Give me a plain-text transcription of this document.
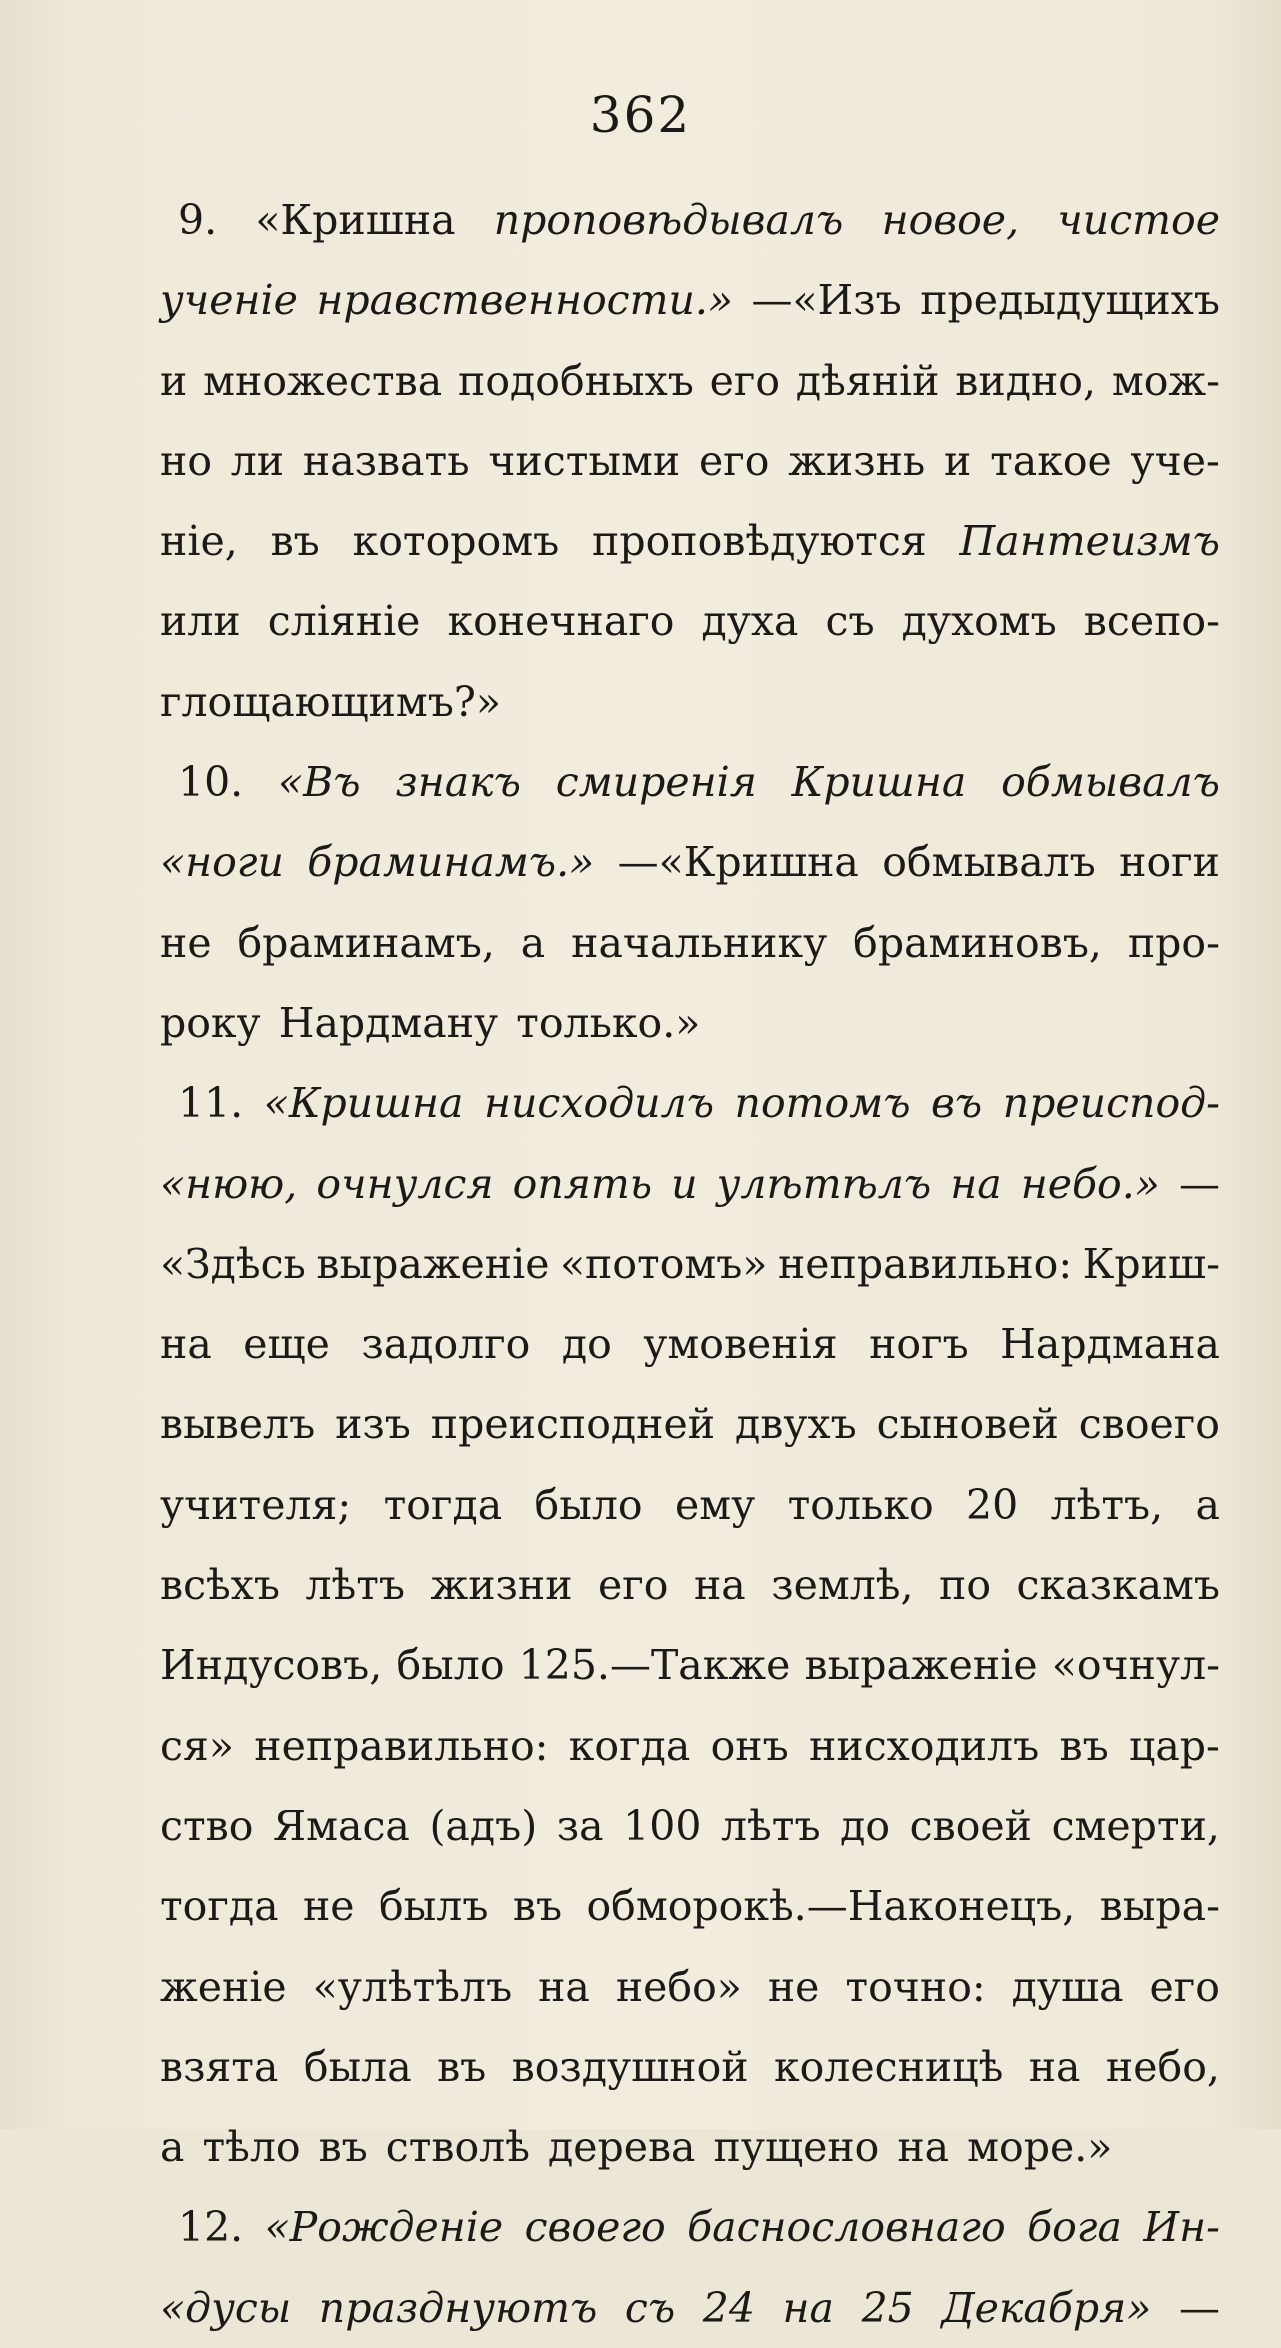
362
9. «Кришна проповѣдывалъ новое, чистое
ученіе нравственности.» —«Изъ предыдущихъ
и множества подобныхъ его дѣяній видно, мож-
но ли назвать чистыми его жизнь и такое уче-
ніе, въ которомъ проповѣдуются Пантеизмъ
или сліяніе конечнаго духа съ духомъ всепо-
глощающимъ?»
10. «Въ знакъ смиренія Кришна обмывалъ
«ноги браминамъ.» —«Кришна обмывалъ ноги
не браминамъ, а начальнику браминовъ, про-
року Нардману только.»
11. «Кришна нисходилъ потомъ въ преиспод-
«нюю, очнулся опять и улѣтѣлъ на небо.» —
«Здѣсь выраженіе «потомъ» неправильно: Криш-
на еще задолго до умовенія ногъ Нардмана
вывелъ изъ преисподней двухъ сыновей своего
учителя; тогда было ему только 20 лѣтъ, а
всѣхъ лѣтъ жизни его на землѣ, по сказкамъ
Индусовъ, было 125.—Также выраженіе «очнул-
ся» неправильно: когда онъ нисходилъ въ цар-
ство Ямаса (адъ) за 100 лѣтъ до своей смерти,
тогда не былъ въ обморокѣ.—Наконецъ, выра-
женіе «улѣтѣлъ на небо» не точно: душа его
взята была въ воздушной колесницѣ на небо,
а тѣло въ стволѣ дерева пущено на море.»
12. «Рожденіе своего баснословнаго бога Ин-
«дусы празднуютъ съ 24 на 25 Декабря» —
